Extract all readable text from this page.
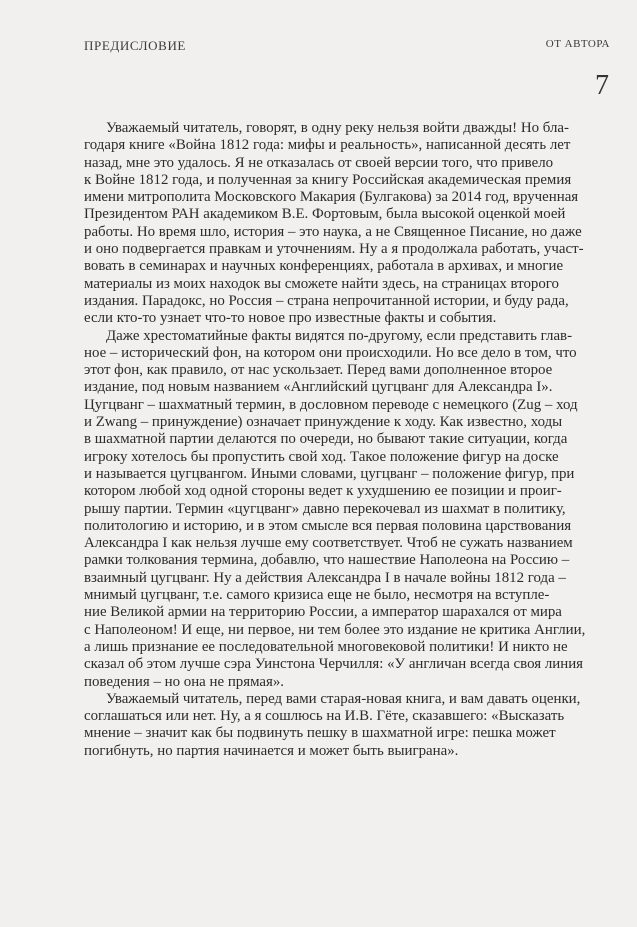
ПРЕДИСЛОВИЕ	ОТ АВТОРА
7
Уважаемый читатель, говорят, в одну реку нельзя войти дважды! Но бла-
годаря книге «Война 1812 года: мифы и реальность», написанной десять лет
назад, мне это удалось. Я не отказалась от своей версии того, что привело
к Войне 1812 года, и полученная за книгу Российская академическая премия
имени митрополита Московского Макария (Булгакова) за 2014 год, врученная
Президентом РАН академиком В.Е. Фортовым, была высокой оценкой моей
работы. Но время шло, история – это наука, а не Священное Писание, но даже
и оно подвергается правкам и уточнениям. Ну а я продолжала работать, участ-
вовать в семинарах и научных конференциях, работала в архивах, и многие
материалы из моих находок вы сможете найти здесь, на страницах второго
издания. Парадокс, но Россия – страна непрочитанной истории, и буду рада,
если кто-то узнает что-то новое про известные факты и события.
Даже хрестоматийные факты видятся по-другому, если представить глав-
ное – исторический фон, на котором они происходили. Но все дело в том, что
этот фон, как правило, от нас ускользает. Перед вами дополненное второе
издание, под новым названием «Английский цугцванг для Александра I».
Цугцванг – шахматный термин, в дословном переводе с немецкого (Zug – ход
и Zwang – принуждение) означает принуждение к ходу. Как известно, ходы
в шахматной партии делаются по очереди, но бывают такие ситуации, когда
игроку хотелось бы пропустить свой ход. Такое положение фигур на доске
и называется цугцвангом. Иными словами, цугцванг – положение фигур, при
котором любой ход одной стороны ведет к ухудшению ее позиции и проиг-
рышу партии. Термин «цугцванг» давно перекочевал из шахмат в политику,
политологию и историю, и в этом смысле вся первая половина царствования
Александра I как нельзя лучше ему соответствует. Чтоб не сужать названием
рамки толкования термина, добавлю, что нашествие Наполеона на Россию –
взаимный цугцванг. Ну а действия Александра I в начале войны 1812 года –
мнимый цугцванг, т.е. самого кризиса еще не было, несмотря на вступле-
ние Великой армии на территорию России, а император шарахался от мира
с Наполеоном! И еще, ни первое, ни тем более это издание не критика Англии,
а лишь признание ее последовательной многовековой политики! И никто не
сказал об этом лучше сэра Уинстона Черчилля: «У англичан всегда своя линия
поведения – но она не прямая».
Уважаемый читатель, перед вами старая-новая книга, и вам давать оценки,
соглашаться или нет. Ну, а я сошлюсь на И.В. Гёте, сказавшего: «Высказать
мнение – значит как бы подвинуть пешку в шахматной игре: пешка может
погибнуть, но партия начинается и может быть выиграна».
